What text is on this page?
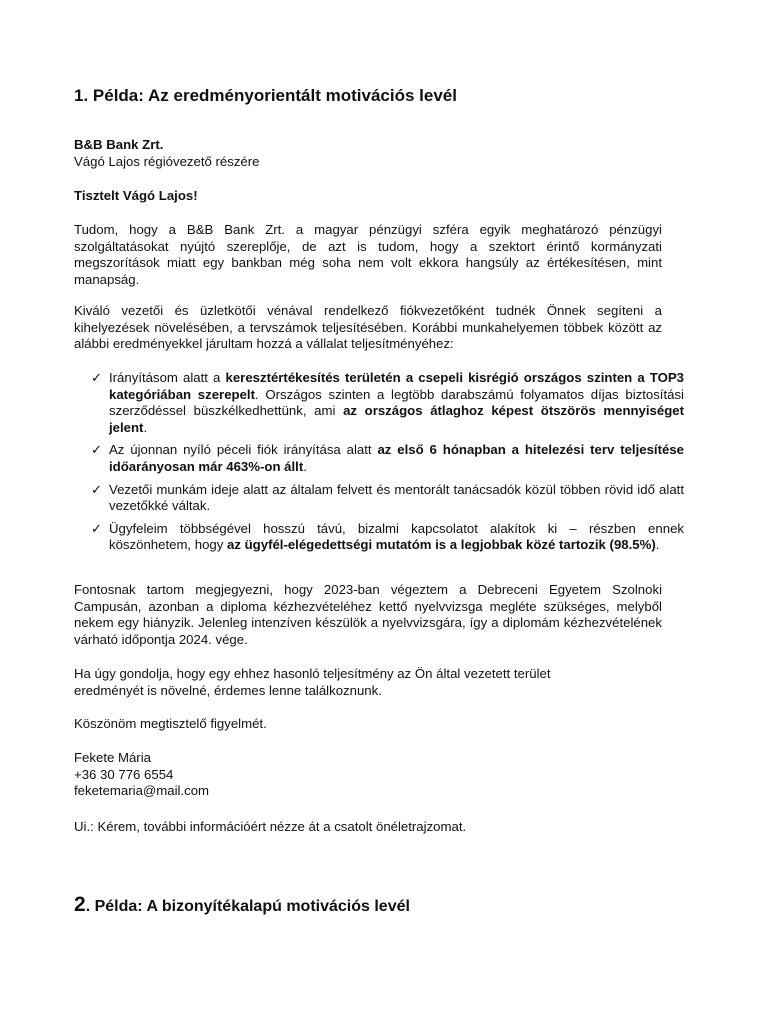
1. Példa: Az eredményorientált motivációs levél
B&B Bank Zrt.
Vágó Lajos régióvezető részére
Tisztelt Vágó Lajos!
Tudom, hogy a B&B Bank Zrt. a magyar pénzügyi szféra egyik meghatározó pénzügyi szolgáltatásokat nyújtó szereplője, de azt is tudom, hogy a szektort érintő kormányzati megszorítások miatt egy bankban még soha nem volt ekkora hangsúly az értékesítésen, mint manapság.
Kiváló vezetői és üzletkötői vénával rendelkező fiókvezetőként tudnék Önnek segíteni a kihelyezések növelésében, a tervszámok teljesítésében. Korábbi munkahelyemen többek között az alábbi eredményekkel járultam hozzá a vállalat teljesítményéhez:
✓ Irányításom alatt a keresztértékesítés területén a csepeli kisrégió országos szinten a TOP3 kategóriában szerepelt. Országos szinten a legtöbb darabszámú folyamatos díjas biztosítási szerződéssel büszkélkedhettünk, ami az országos átlaghoz képest ötszörös mennyiséget jelent.
✓ Az újonnan nyíló péceli fiók irányítása alatt az első 6 hónapban a hitelezési terv teljesítése időarányosan már 463%-on állt.
✓ Vezetői munkám ideje alatt az általam felvett és mentorált tanácsadók közül többen rövid idő alatt vezetőkké váltak.
✓ Ügyfeleim többségével hosszú távú, bizalmi kapcsolatot alakítok ki – részben ennek köszönhetem, hogy az ügyfél-elégedettségi mutatóm is a legjobbak közé tartozik (98.5%).
Fontosnak tartom megjegyezni, hogy 2023-ban végeztem a Debreceni Egyetem Szolnoki Campusán, azonban a diploma kézhezvételéhez kettő nyelvvizsga megléte szükséges, melyből nekem egy hiányzik. Jelenleg intenzíven készülök a nyelvvizsgára, így a diplomám kézhezvételének várható időpontja 2024. vége.
Ha úgy gondolja, hogy egy ehhez hasonló teljesítmény az Ön által vezetett terület eredményét is növelné, érdemes lenne találkoznunk.
Köszönöm megtisztelő figyelmét.
Fekete Mária
+36 30 776 6554
feketemaria@mail.com
Ui.: Kérem, további információért nézze át a csatolt önéletrajzomat.
2. Példa: A bizonyítékalapú motivációs levél
